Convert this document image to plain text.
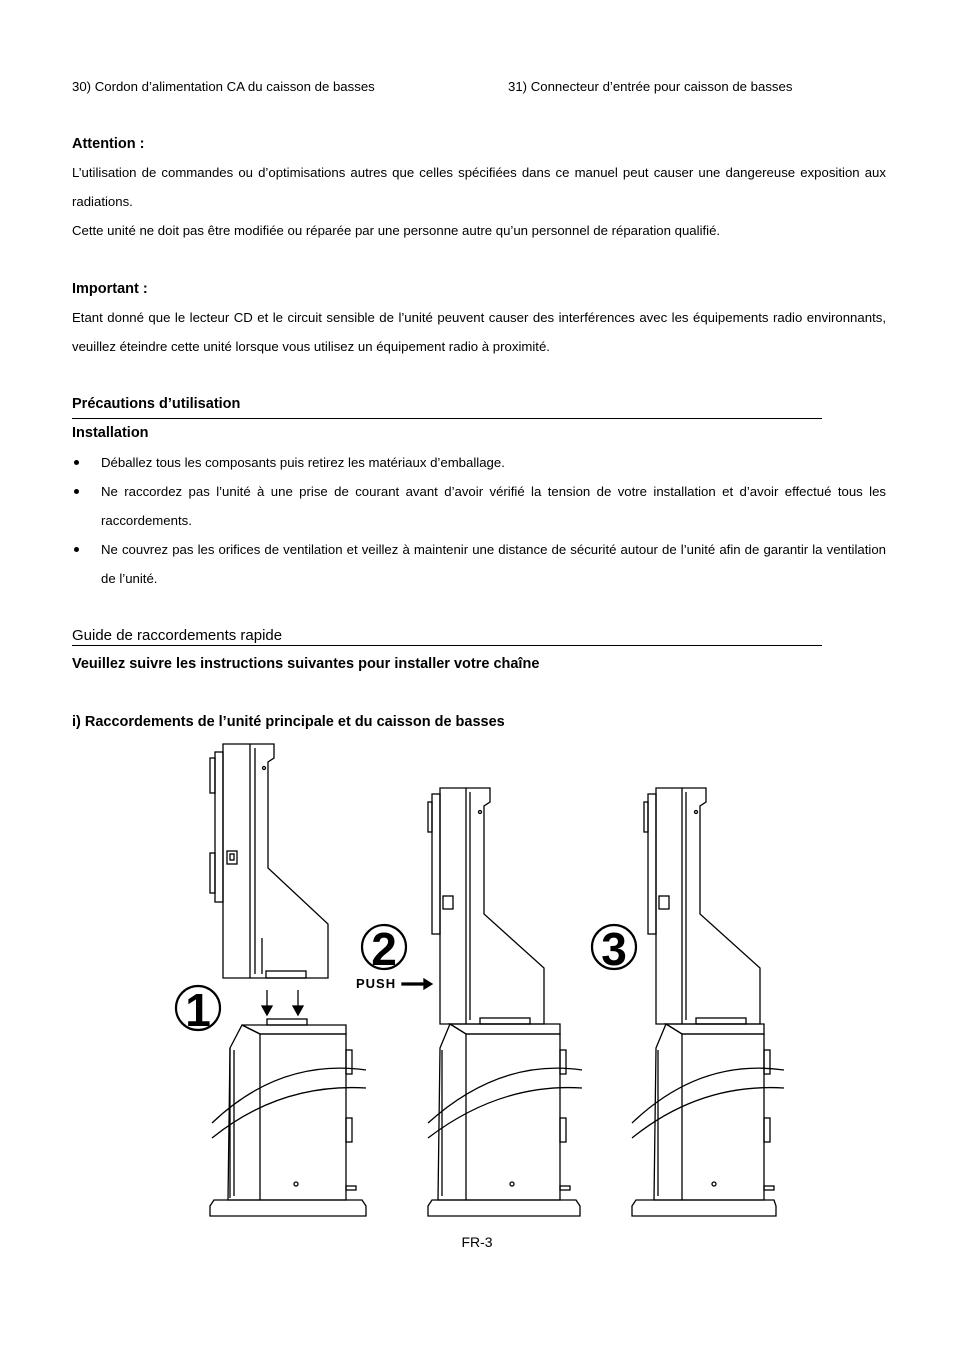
30) Cordon d’alimentation CA du caisson de basses	31) Connecteur d’entrée pour caisson de basses
Attention :
L’utilisation de commandes ou d’optimisations autres que celles spécifiées dans ce manuel peut causer une dangereuse exposition aux radiations.
Cette unité ne doit pas être modifiée ou réparée par une personne autre qu’un personnel de réparation qualifié.
Important :
Etant donné que le lecteur CD et le circuit sensible de l’unité peuvent causer des interférences avec les équipements radio environnants, veuillez éteindre cette unité lorsque vous utilisez un équipement radio à proximité.
Précautions d’utilisation
Installation
Déballez tous les composants puis retirez les matériaux d’emballage.
Ne raccordez pas l’unité à une prise de courant avant d’avoir vérifié la tension de votre installation et d’avoir effectué tous les raccordements.
Ne couvrez pas les orifices de ventilation et veillez à maintenir une distance de sécurité autour de l’unité afin de garantir la ventilation de l’unité.
Guide de raccordements rapide
Veuillez suivre les instructions suivantes pour installer votre chaîne
i) Raccordements de l’unité principale et du caisson de basses
1
2
PUSH
3
FR-3
